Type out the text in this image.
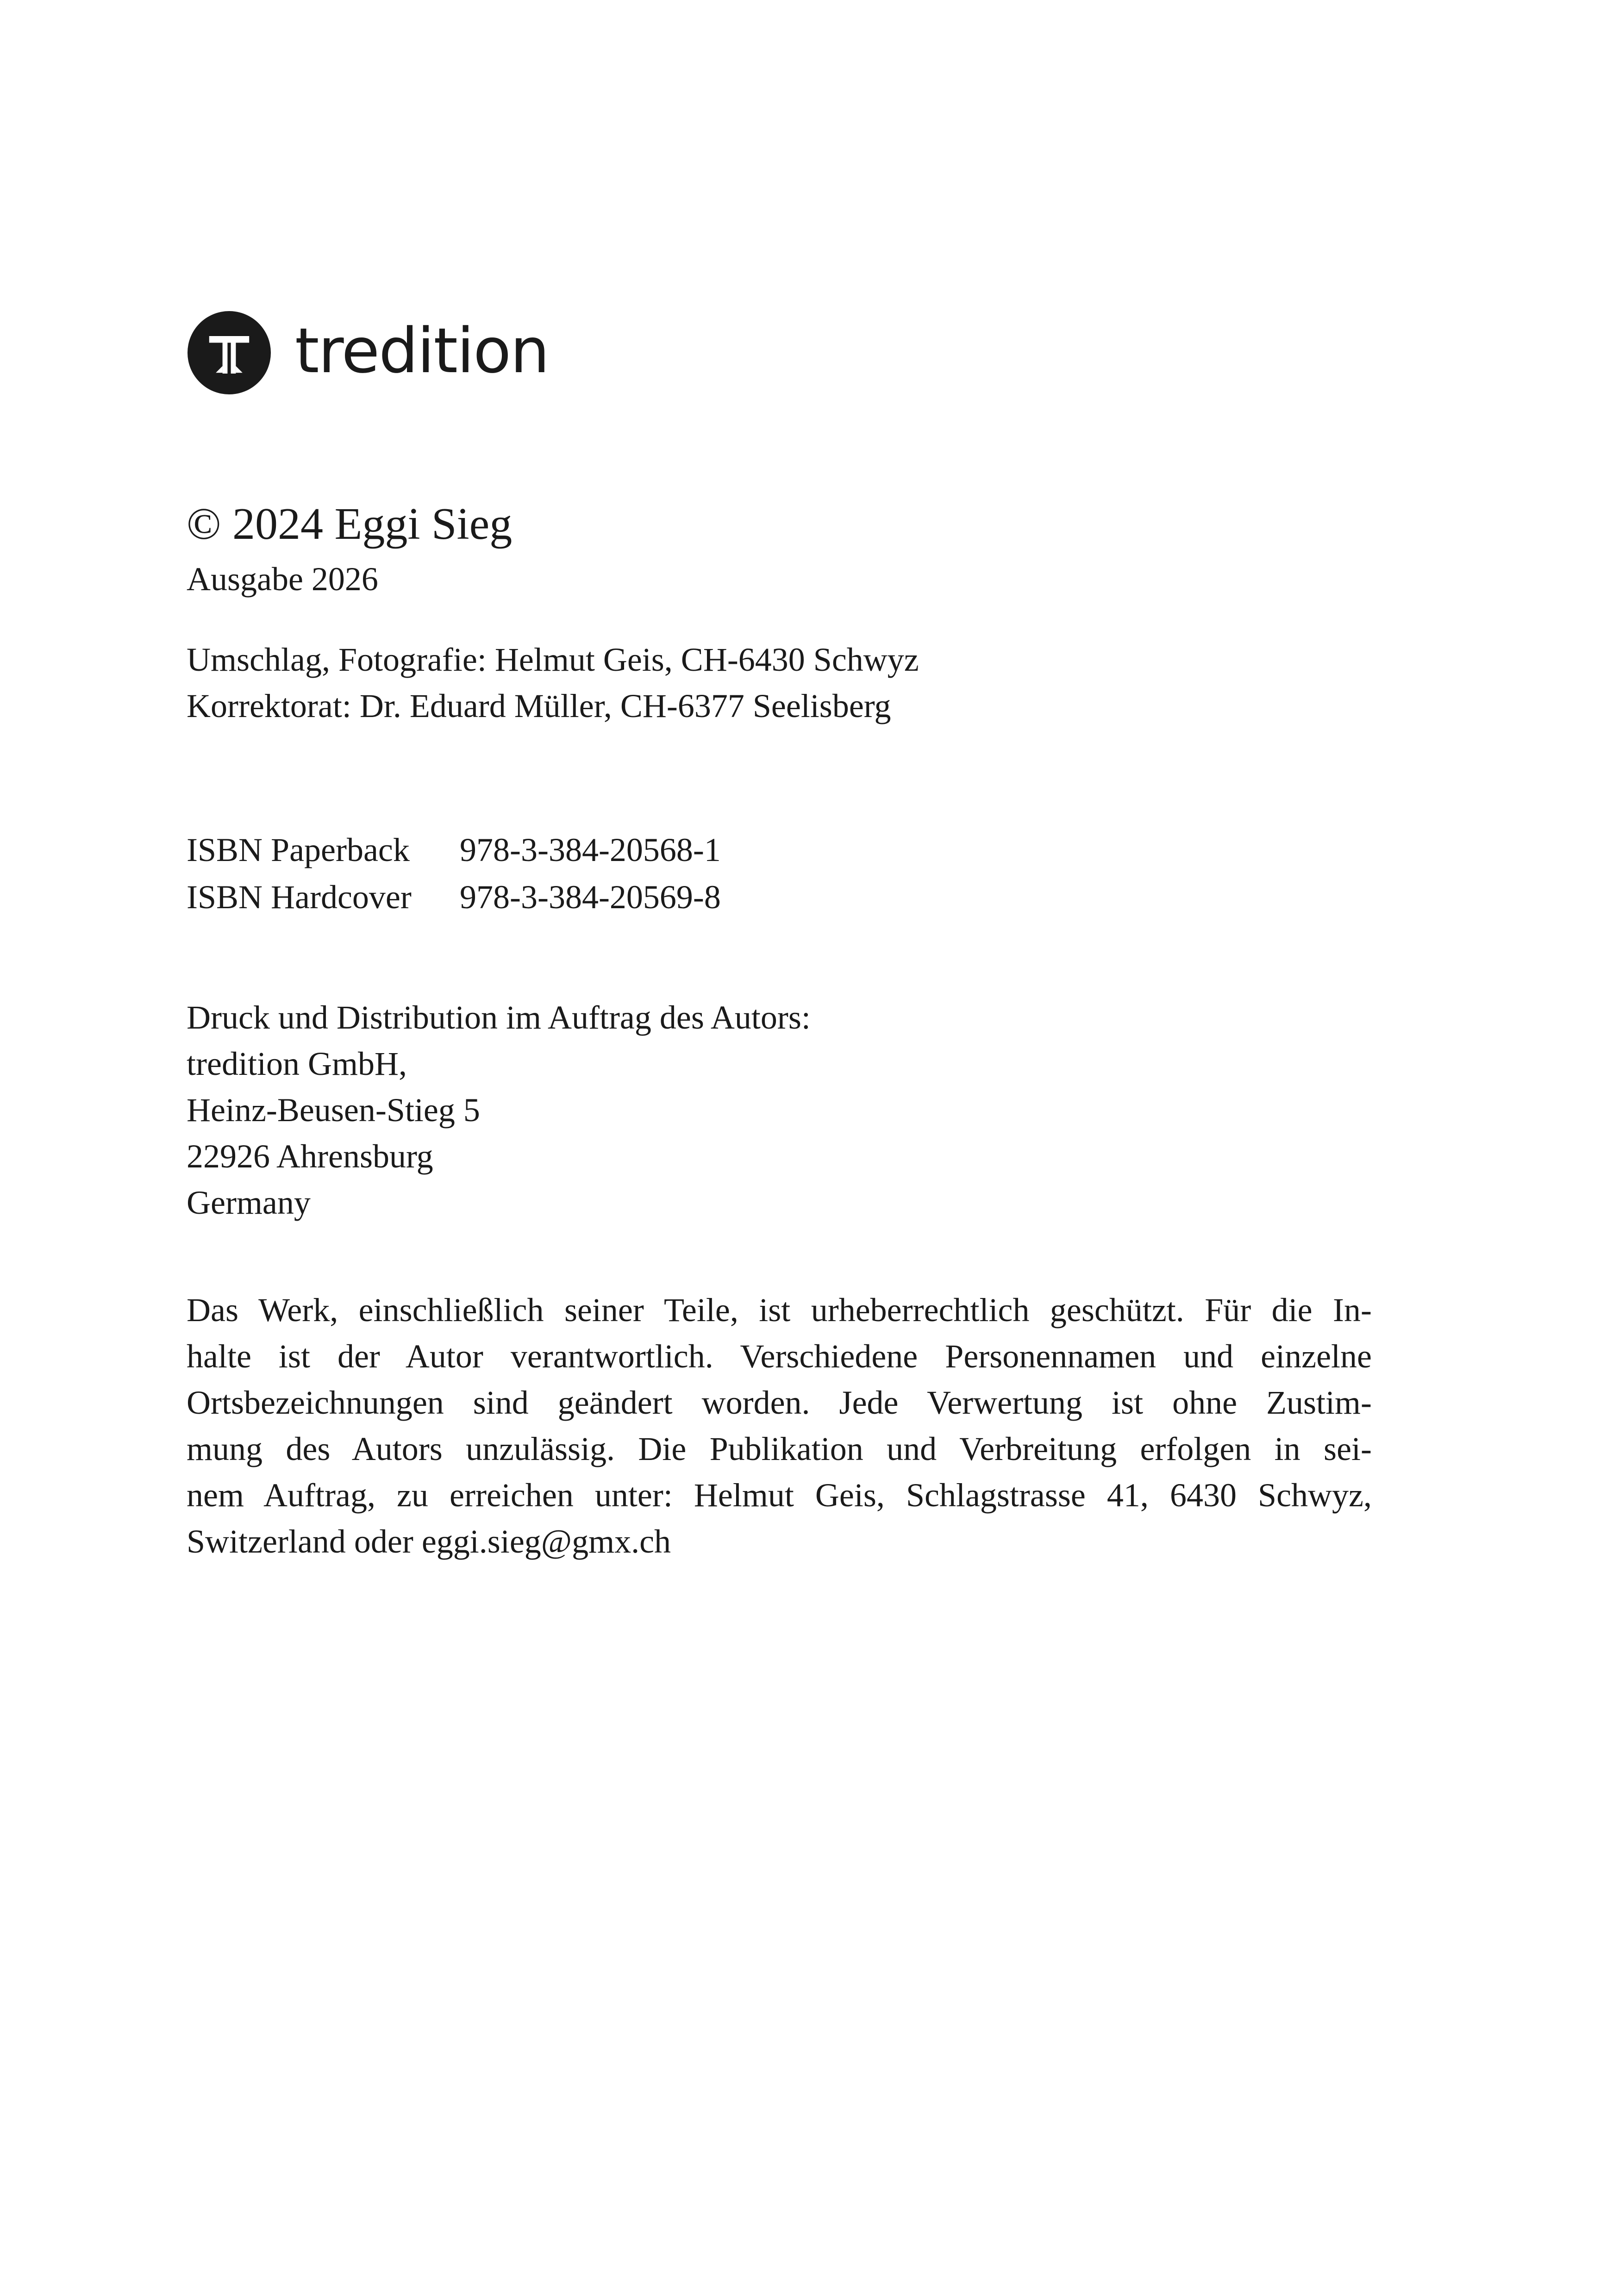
tredition
© 2024 Eggi Sieg
Ausgabe 2026
Umschlag, Fotografie: Helmut Geis, CH-6430 Schwyz
Korrektorat: Dr. Eduard Müller, CH-6377 Seelisberg
ISBN Paperback 978-3-384-20568-1
ISBN Hardcover 978-3-384-20569-8
Druck und Distribution im Auftrag des Autors:
tredition GmbH,
Heinz-Beusen-Stieg 5
22926 Ahrensburg
Germany
Das Werk, einschließlich seiner Teile, ist urheberrechtlich geschützt. Für die In-
halte ist der Autor verantwortlich. Verschiedene Personennamen und einzelne
Ortsbezeichnungen sind geändert worden. Jede Verwertung ist ohne Zustim-
mung des Autors unzulässig. Die Publikation und Verbreitung erfolgen in sei-
nem Auftrag, zu erreichen unter: Helmut Geis, Schlagstrasse 41, 6430 Schwyz,
Switzerland oder eggi.sieg@gmx.ch
